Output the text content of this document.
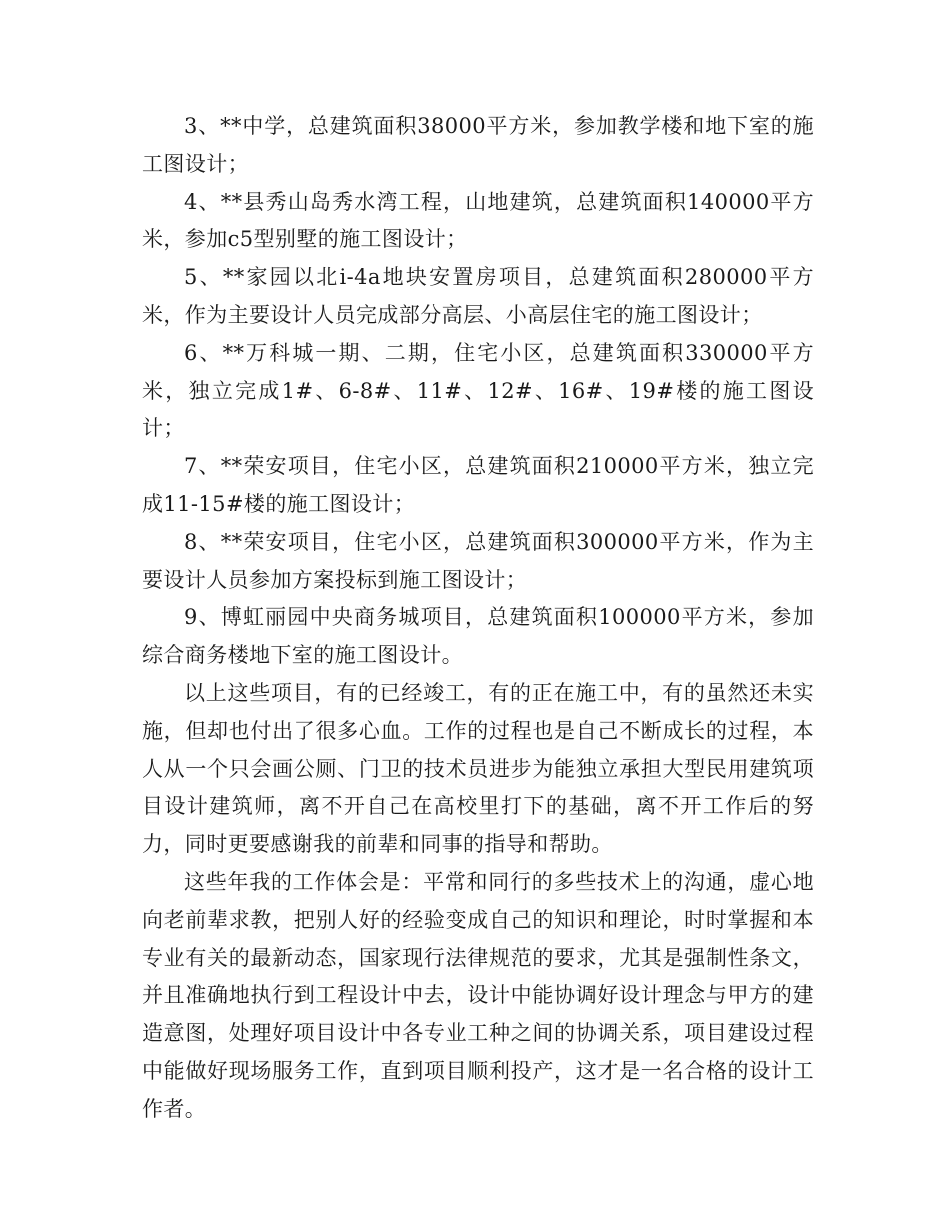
3、**中学，总建筑面积38000平方米，参加教学楼和地下室的施工图设计；

4、**县秀山岛秀水湾工程，山地建筑，总建筑面积140000平方米，参加c5型别墅的施工图设计；

5、**家园以北i-4a地块安置房项目，总建筑面积280000平方米，作为主要设计人员完成部分高层、小高层住宅的施工图设计；

6、**万科城一期、二期，住宅小区，总建筑面积330000平方米，独立完成1#、6-8#、11#、12#、16#、19#楼的施工图设计；

7、**荣安项目，住宅小区，总建筑面积210000平方米，独立完成11-15#楼的施工图设计；

8、**荣安项目，住宅小区，总建筑面积300000平方米，作为主要设计人员参加方案投标到施工图设计；

9、博虹丽园中央商务城项目，总建筑面积100000平方米，参加综合商务楼地下室的施工图设计。

以上这些项目，有的已经竣工，有的正在施工中，有的虽然还未实施，但却也付出了很多心血。工作的过程也是自己不断成长的过程，本人从一个只会画公厕、门卫的技术员进步为能独立承担大型民用建筑项目设计建筑师，离不开自己在高校里打下的基础，离不开工作后的努力，同时更要感谢我的前辈和同事的指导和帮助。

这些年我的工作体会是：平常和同行的多些技术上的沟通，虚心地向老前辈求教，把别人好的经验变成自己的知识和理论，时时掌握和本专业有关的最新动态，国家现行法律规范的要求，尤其是强制性条文，并且准确地执行到工程设计中去，设计中能协调好设计理念与甲方的建造意图，处理好项目设计中各专业工种之间的协调关系，项目建设过程中能做好现场服务工作，直到项目顺利投产，这才是一名合格的设计工作者。
